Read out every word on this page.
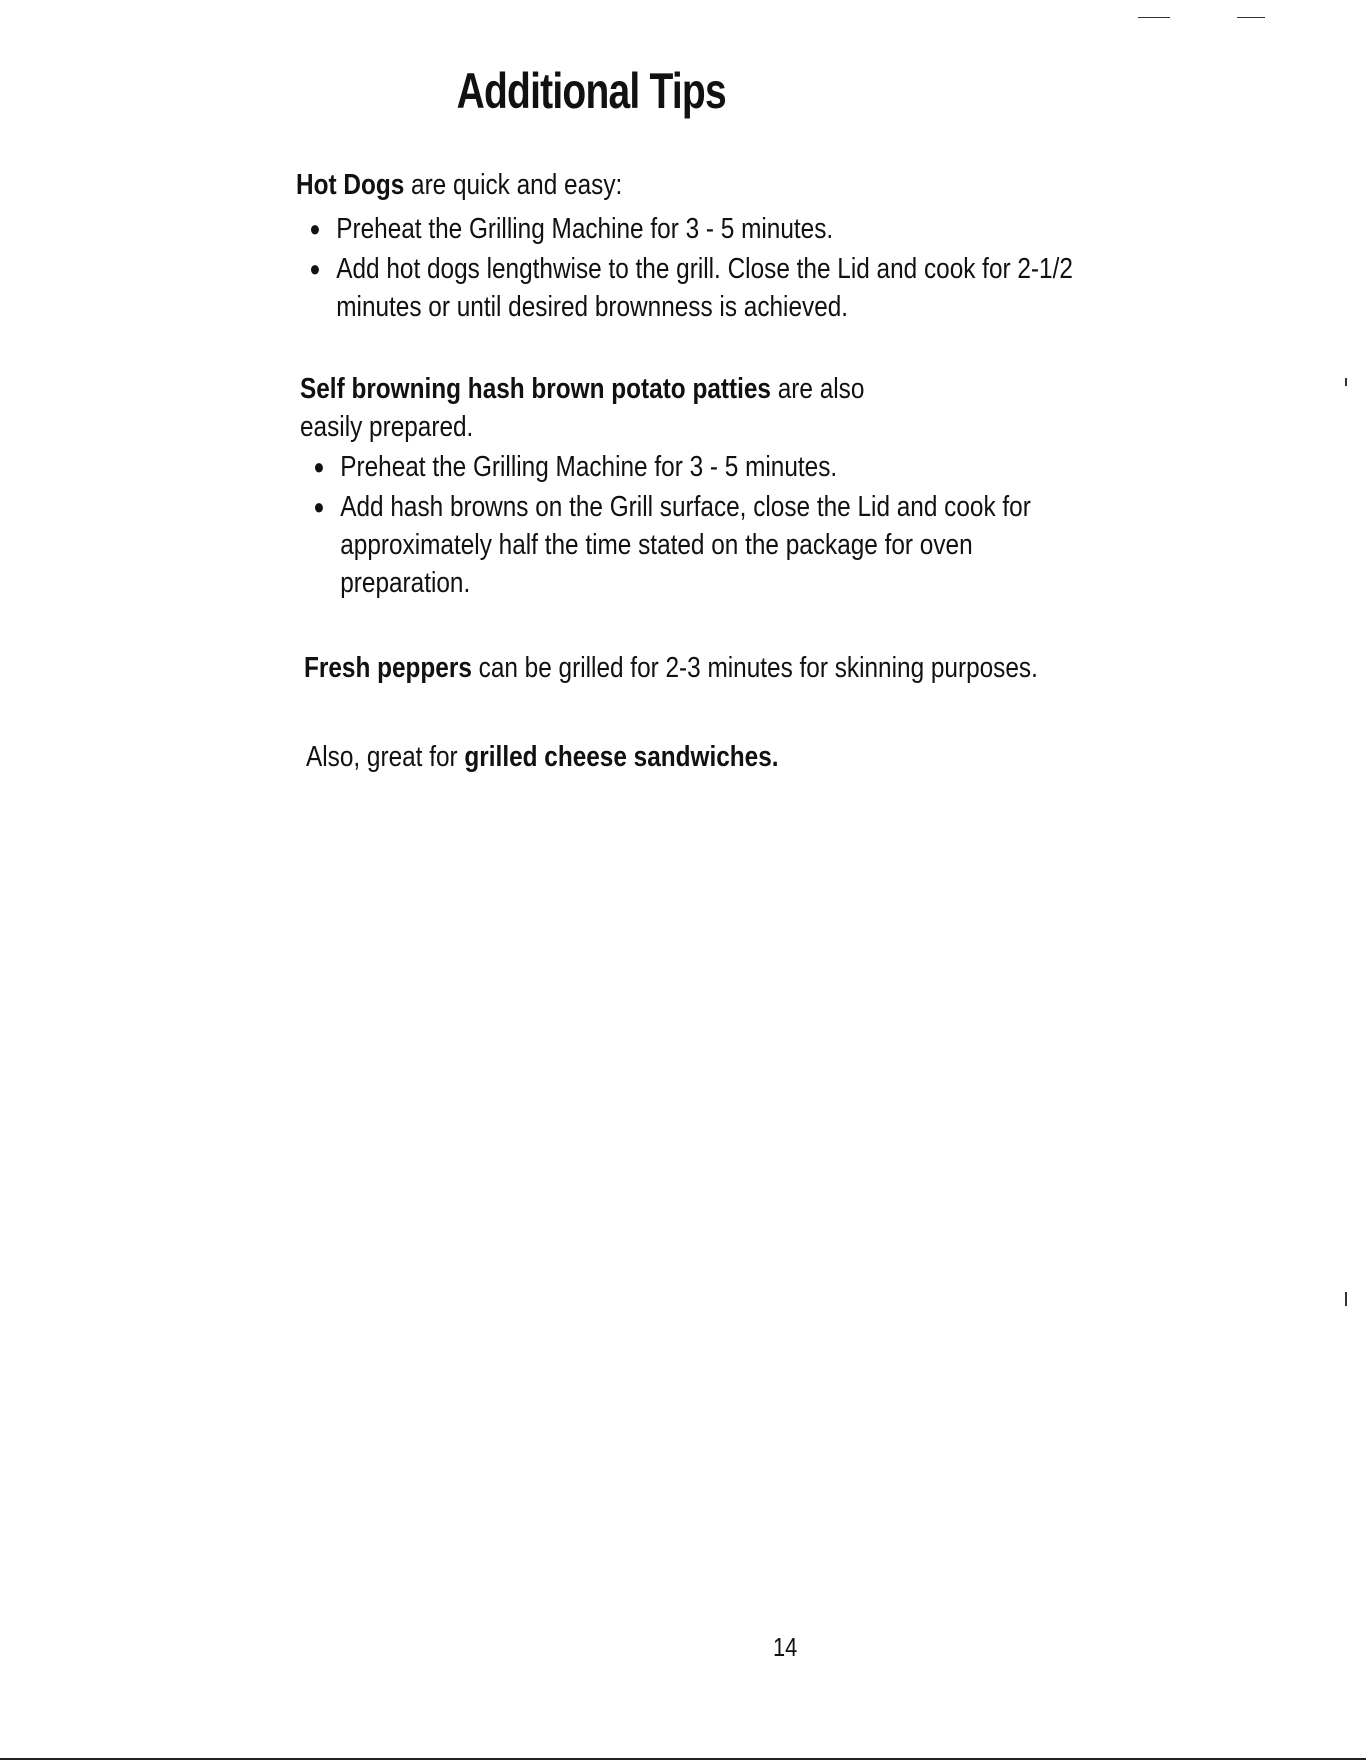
Additional Tips

Hot Dogs are quick and easy:

● Preheat the Grilling Machine for 3 - 5 minutes.
● Add hot dogs lengthwise to the grill. Close the Lid and cook for 2-1/2
minutes or until desired brownness is achieved.

Self browning hash brown potato patties are also

easily prepared.

● Preheat the Grilling Machine for 3 - 5 minutes.
● Add hash browns on the Grill surface, close the Lid and cook for
approximately half the time stated on the package for oven
preparation.

Fresh peppers can be grilled for 2-3 minutes for skinning purposes.

Also, great for grilled cheese sandwiches.

14
